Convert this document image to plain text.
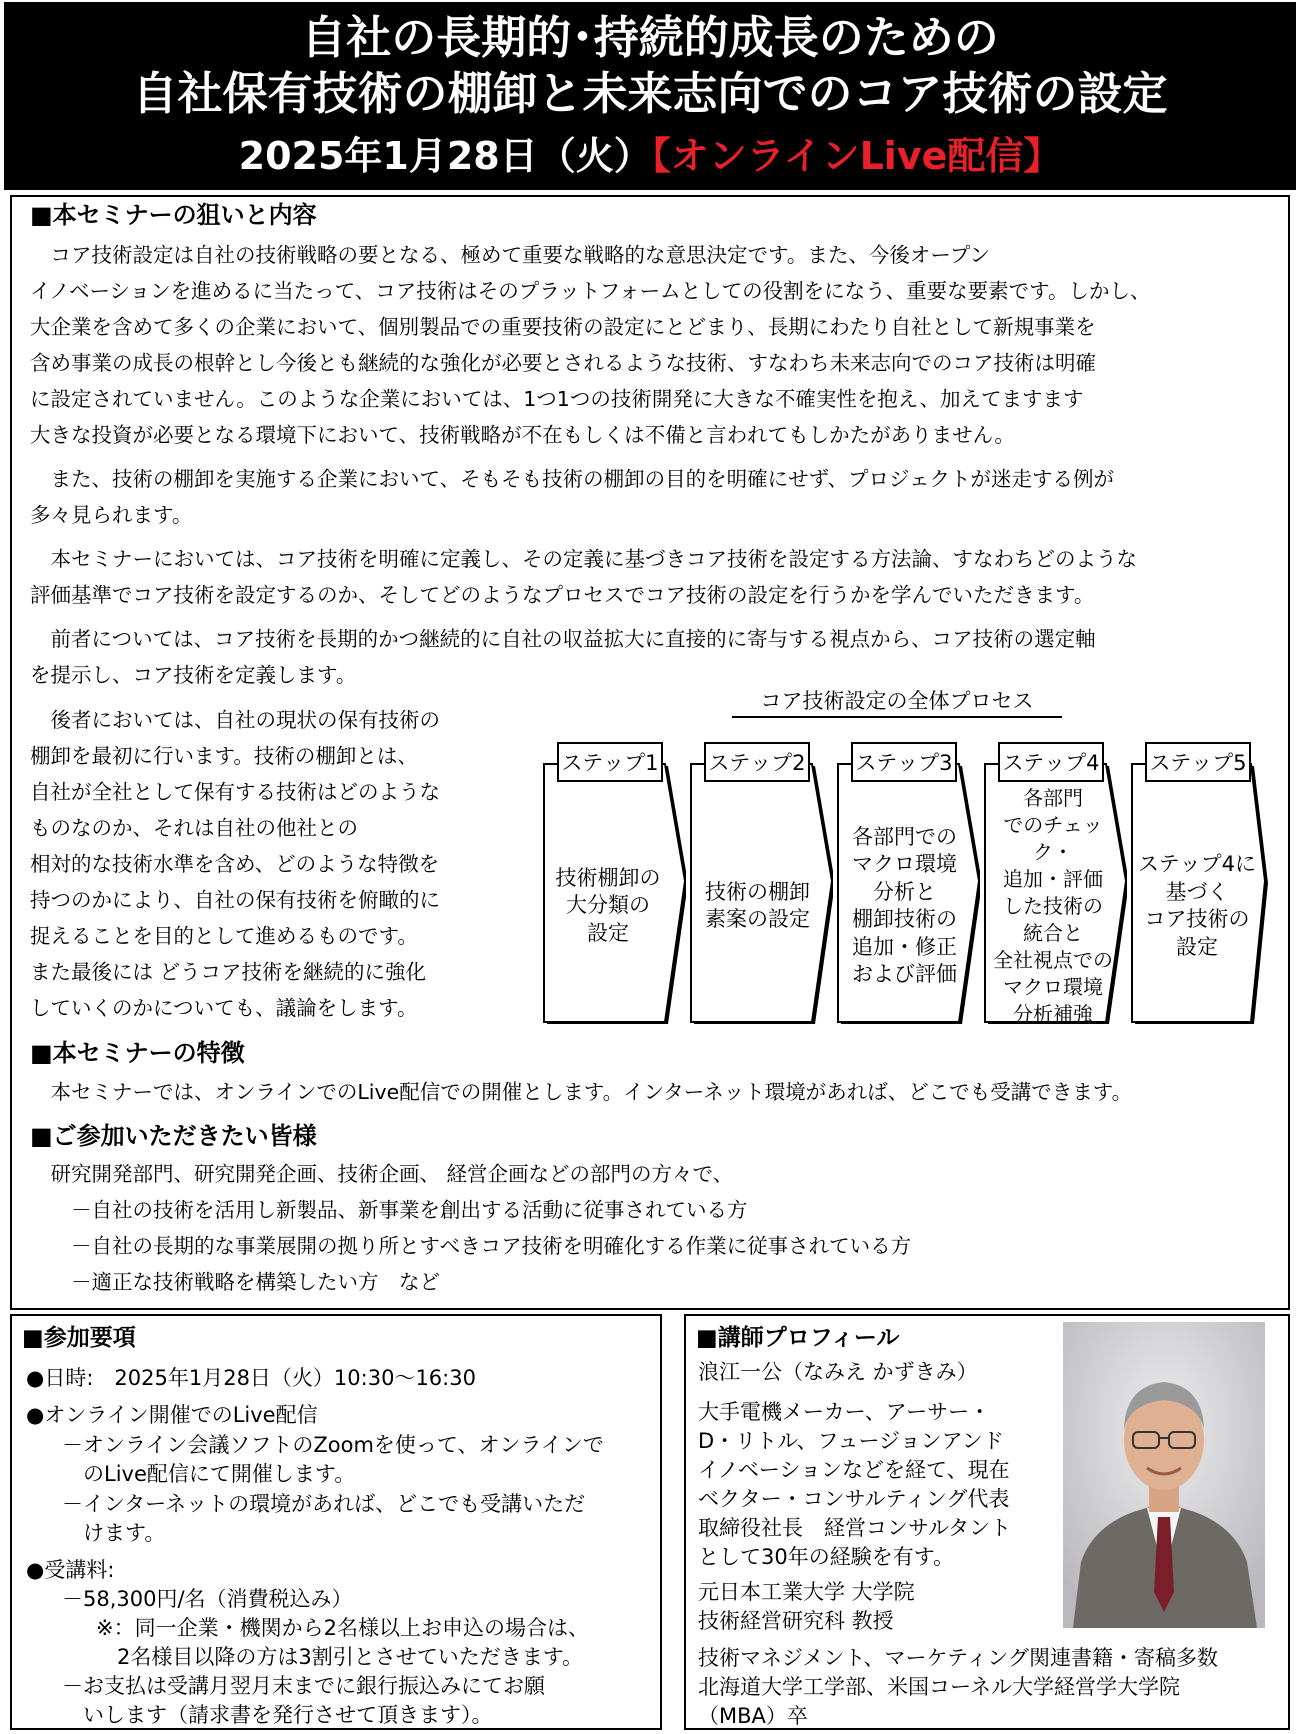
自社の長期的･持続的成長のための
自社保有技術の棚卸と未来志向でのコア技術の設定
2025年1月28日（火）【オンラインLive配信】
■本セミナーの狙いと内容
　コア技術設定は自社の技術戦略の要となる、極めて重要な戦略的な意思決定です。また、今後オープン
イノベーションを進めるに当たって、コア技術はそのプラットフォームとしての役割をになう、重要な要素です。しかし、
大企業を含めて多くの企業において、個別製品での重要技術の設定にとどまり、長期にわたり自社として新規事業を
含め事業の成長の根幹とし今後とも継続的な強化が必要とされるような技術、すなわち未来志向でのコア技術は明確
に設定されていません。このような企業においては、1つ1つの技術開発に大きな不確実性を抱え、加えてますます
大きな投資が必要となる環境下において、技術戦略が不在もしくは不備と言われてもしかたがありません。
　また、技術の棚卸を実施する企業において、そもそも技術の棚卸の目的を明確にせず、プロジェクトが迷走する例が
多々見られます。
　本セミナーにおいては、コア技術を明確に定義し、その定義に基づきコア技術を設定する方法論、すなわちどのような
評価基準でコア技術を設定するのか、そしてどのようなプロセスでコア技術の設定を行うかを学んでいただきます。
　前者については、コア技術を長期的かつ継続的に自社の収益拡大に直接的に寄与する視点から、コア技術の選定軸
を提示し、コア技術を定義します。
　後者においては、自社の現状の保有技術の
棚卸を最初に行います。技術の棚卸とは、
自社が全社として保有する技術はどのような
ものなのか、それは自社の他社との
相対的な技術水準を含め、どのような特徴を
持つのかにより、自社の保有技術を俯瞰的に
捉えることを目的として進めるものです。
また最後には どうコア技術を継続的に強化
していくのかについても、議論をします。
コア技術設定の全体プロセス
ステップ1
技術棚卸の
大分類の
設定
ステップ2
技術の棚卸
素案の設定
ステップ3
各部門での
マクロ環境
分析と
棚卸技術の
追加・修正
および評価
ステップ4
各部門
でのチェック・
追加・評価
した技術の
統合と
全社視点での
マクロ環境
分析補強
ステップ5
ステップ4に
基づく
コア技術の
設定
■本セミナーの特徴
　本セミナーでは、オンラインでのLive配信での開催とします。インターネット環境があれば、どこでも受講できます。
■ご参加いただきたい皆様
　研究開発部門、研究開発企画、技術企画、 経営企画などの部門の方々で、
　　－自社の技術を活用し新製品、新事業を創出する活動に従事されている方
　　－自社の長期的な事業展開の拠り所とすべきコア技術を明確化する作業に従事されている方
　　－適正な技術戦略を構築したい方　など
■参加要項
●日時:　2025年1月28日（火）10:30～16:30
●オンライン開催でのLive配信
－オンライン会議ソフトのZoomを使って、オンラインで
　のLive配信にて開催します。
－インターネットの環境があれば、どこでも受講いただ
　けます。
●受講料:
－58,300円/名（消費税込み）
※：同一企業・機関から2名様以上お申込の場合は、
　2名様目以降の方は3割引とさせていただきます。
－お支払は受講月翌月末までに銀行振込みにてお願
　いします（請求書を発行させて頂きます）。
■講師プロフィール
浪江一公（なみえ かずきみ）
大手電機メーカー、アーサー・
D・リトル、フュージョンアンド
イノベーションなどを経て、現在
ベクター・コンサルティング代表
取締役社長　経営コンサルタント
として30年の経験を有す。
元日本工業大学 大学院
技術経営研究科 教授
技術マネジメント、マーケティング関連書籍・寄稿多数
北海道大学工学部、米国コーネル大学経営学大学院
（MBA）卒
